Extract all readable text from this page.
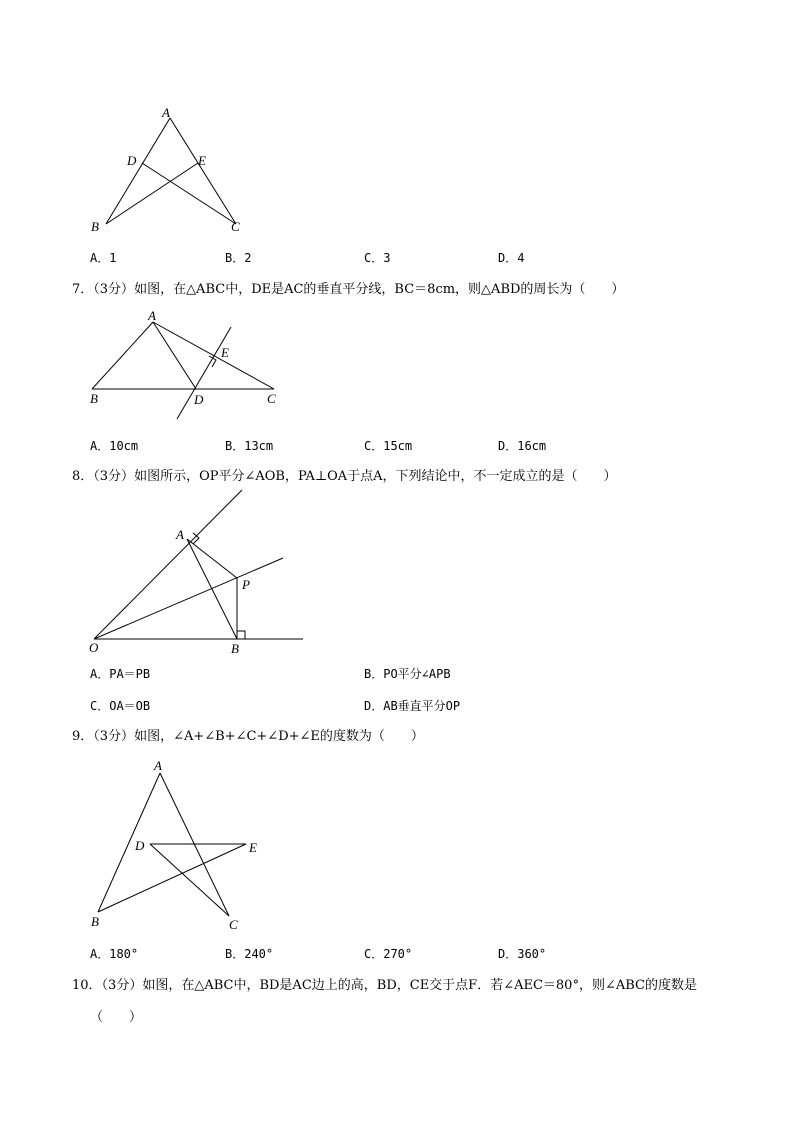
A
D	E
B	C
A．1	B．2	C．3	D．4
7．（3分）如图，在△ABC中，DE是AC的垂直平分线，BC＝8cm，则△ABD的周长为（　　）
A
E
B	D	C
A．10cm	B．13cm	C．15cm	D．16cm
8．（3分）如图所示，OP平分∠AOB，PA⊥OA于点A，下列结论中，不一定成立的是（　　）
A
P
O	B
A．PA＝PB	B．PO平分∠APB
C．OA＝OB	D．AB垂直平分OP
9．（3分）如图，∠A+∠B+∠C+∠D+∠E的度数为（　　）
A
D	E
B	C
A．180°	B．240°	C．270°	D．360°
10．（3分）如图，在△ABC中，BD是AC边上的高，BD，CE交于点F．若∠AEC＝80°，则∠ABC的度数是
（　　）
